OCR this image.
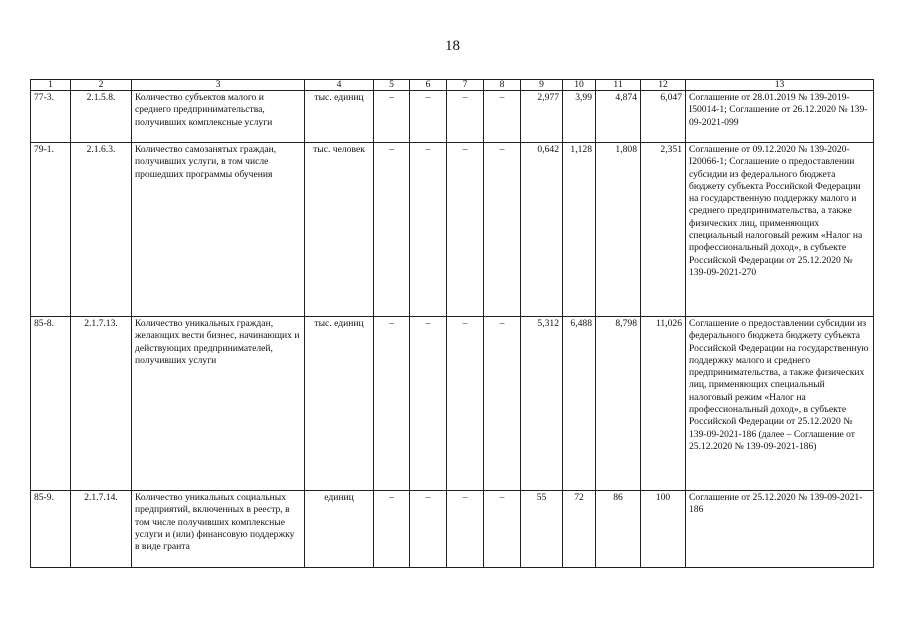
18
1	2	3	4	5	6	7	8	9	10	11	12	13
77-3.	2.1.5.8.	Количество субъектов малого и среднего предпринимательства, получивших комплексные услуги	тыс. единиц	–	–	–	–	2,977	3,99	4,874	6,047	Соглашение от 28.01.2019 № 139-2019-I50014-1; Соглашение от 26.12.2020 № 139-09-2021-099
79-1.	2.1.6.3.	Количество самозанятых граждан, получивших услуги, в том числе прошедших программы обучения	тыс. человек	–	–	–	–	0,642	1,128	1,808	2,351	Соглашение от 09.12.2020 № 139-2020-I20066-1; Соглашение о предоставлении субсидии из федерального бюджета бюджету субъекта Российской Федерации на государственную поддержку малого и среднего предпринимательства, а также физических лиц, применяющих специальный налоговый режим «Налог на профессиональный доход», в субъекте Российской Федерации от 25.12.2020 № 139-09-2021-270
85-8.	2.1.7.13.	Количество уникальных граждан, желающих вести бизнес, начинающих и действующих предпринимателей, получивших услуги	тыс. единиц	–	–	–	–	5,312	6,488	8,798	11,026	Соглашение о предоставлении субсидии из федерального бюджета бюджету субъекта Российской Федерации на государственную поддержку малого и среднего предпринимательства, а также физических лиц, применяющих специальный налоговый режим «Налог на профессиональный доход», в субъекте Российской Федерации от 25.12.2020 № 139-09-2021-186 (далее – Соглашение от 25.12.2020 № 139-09-2021-186)
85-9.	2.1.7.14.	Количество уникальных социальных предприятий, включенных в реестр, в том числе получивших комплексные услуги и (или) финансовую поддержку в виде гранта	единиц	–	–	–	–	55	72	86	100	Соглашение от 25.12.2020 № 139-09-2021-186
